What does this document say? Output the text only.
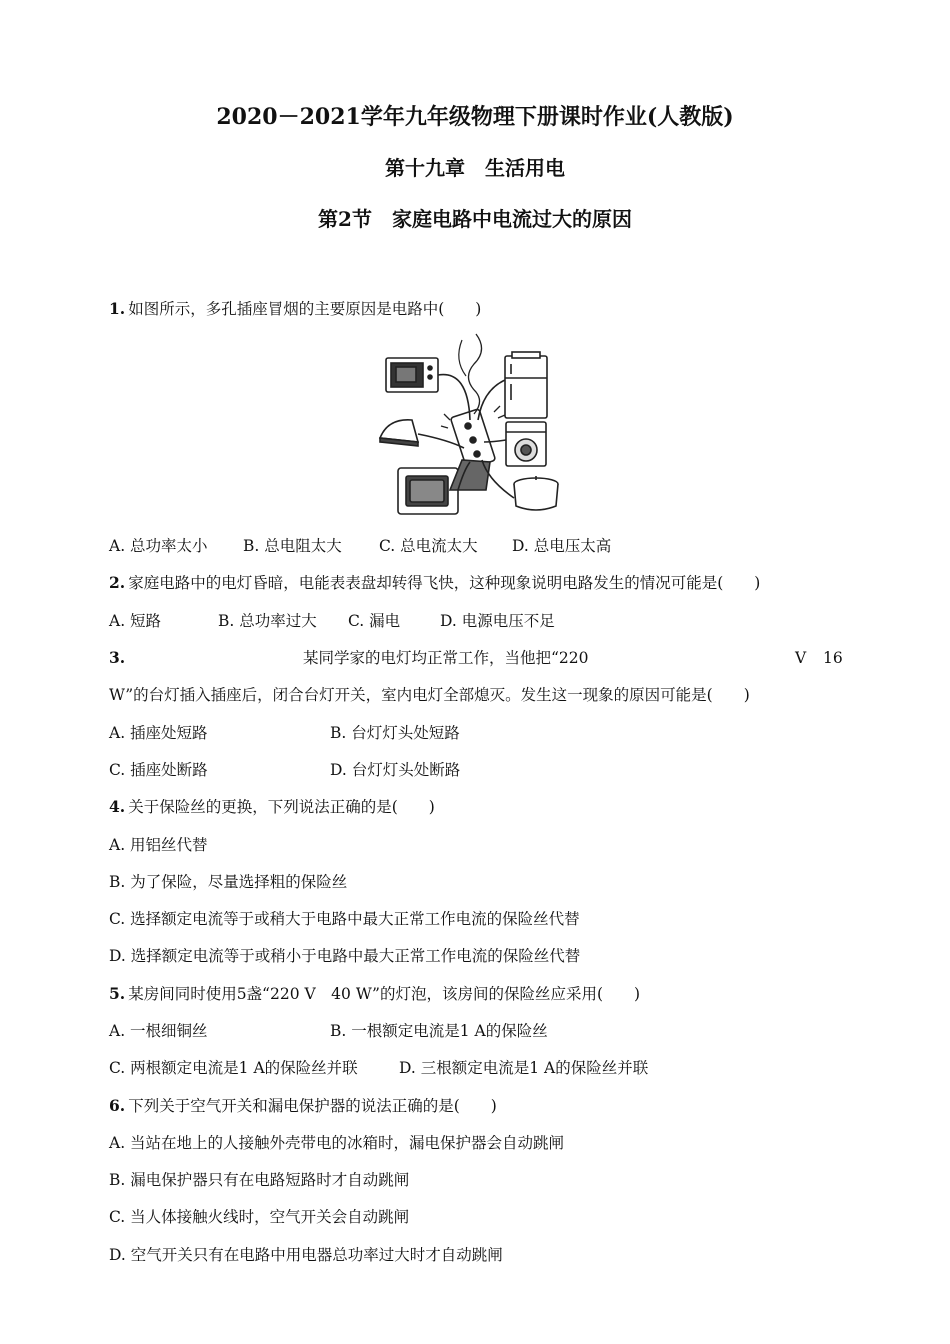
2020－2021学年九年级物理下册课时作业(人教版)
第十九章　生活用电
第2节　家庭电路中电流过大的原因
1. 如图所示，多孔插座冒烟的主要原因是电路中(　　)
A. 总功率太小 B. 总电阻太大 C. 总电流太大 D. 总电压太高
2. 家庭电路中的电灯昏暗，电能表表盘却转得飞快，这种现象说明电路发生的情况可能是(　　)
A. 短路	B. 总功率过大 C. 漏电	D. 电源电压不足
3.	某同学家的电灯均正常工作，当他把“220	V 16
W”的台灯插入插座后，闭合台灯开关，室内电灯全部熄灭。发生这一现象的原因可能是(　　)
A. 插座处短路	B. 台灯灯头处短路
C. 插座处断路	D. 台灯灯头处断路
4. 关于保险丝的更换，下列说法正确的是(　　)
A. 用铝丝代替
B. 为了保险，尽量选择粗的保险丝
C. 选择额定电流等于或稍大于电路中最大正常工作电流的保险丝代替
D. 选择额定电流等于或稍小于电路中最大正常工作电流的保险丝代替
5. 某房间同时使用5盏“220 V　40 W”的灯泡，该房间的保险丝应采用(　　)
A. 一根细铜丝	B. 一根额定电流是1 A的保险丝
C. 两根额定电流是1 A的保险丝并联	D. 三根额定电流是1 A的保险丝并联
6. 下列关于空气开关和漏电保护器的说法正确的是(　　)
A. 当站在地上的人接触外壳带电的冰箱时，漏电保护器会自动跳闸
B. 漏电保护器只有在电路短路时才自动跳闸
C. 当人体接触火线时，空气开关会自动跳闸
D. 空气开关只有在电路中用电器总功率过大时才自动跳闸
